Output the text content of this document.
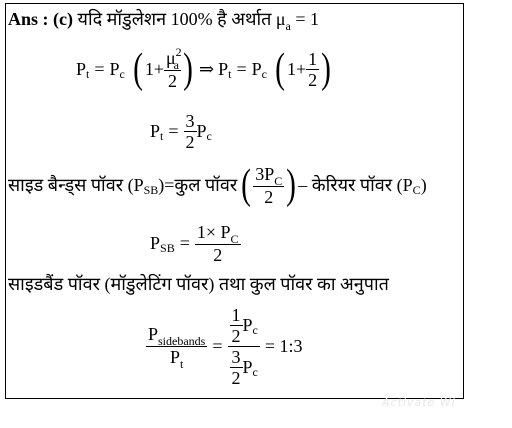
Ans : (c) यदि मॉडुलेशन 100% है अर्थात $\mu_a = 1$
P t = P c ( $1+ \frac{\mu^2_a}{2}$ ) ⇒ P t = P c ( $1+ \frac{1}{2}$ )
P $t = \frac{3}{2}$ P c
साइड बैन्ड्स पॉवर (P SB )=कुल पॉवर ( $\frac{3P_C}{2}$ ) – केरियर पॉवर (P C )
P SB = $\frac{1\times P_C}{2}$
साइडबैंड पॉवर (मॉडुलेटिंग पॉवर) तथा कुल पॉवर का अनुपात
$\frac{P_{sidebands}}{P_t} = \frac{\frac{1}{2} P c}{\frac{3}{2} P c}$ = 1:3
Activate Wi
